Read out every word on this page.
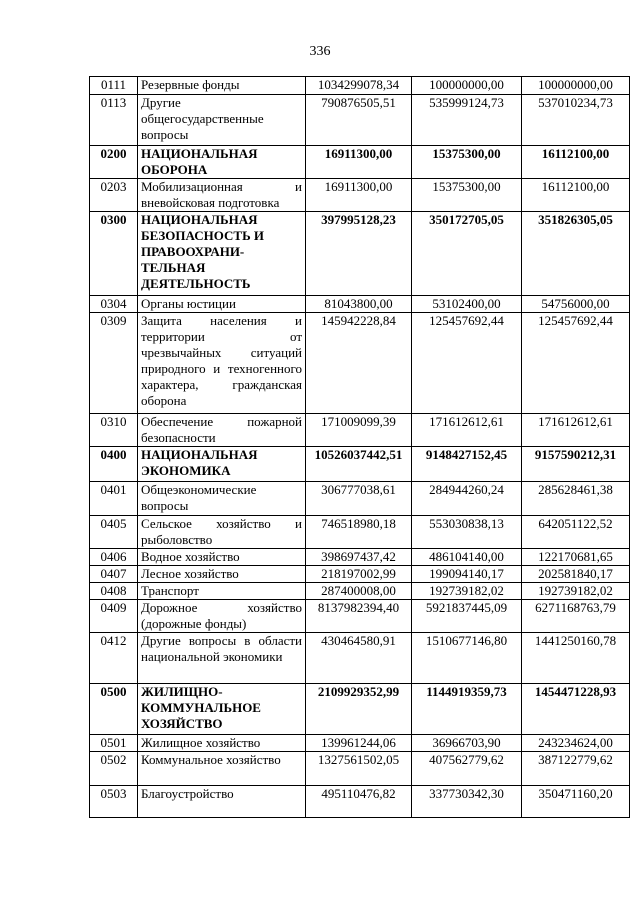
336
0111	Резервные фонды	1034299078,34	100000000,00	100000000,00
0113	Другие общегосударственные вопросы	790876505,51	535999124,73	537010234,73
0200	НАЦИОНАЛЬНАЯ ОБОРОНА	16911300,00	15375300,00	16112100,00
0203	Мобилизационная и вневойсковая подготовка	16911300,00	15375300,00	16112100,00
0300	НАЦИОНАЛЬНАЯ БЕЗОПАСНОСТЬ И ПРАВООХРАНИ-ТЕЛЬНАЯ ДЕЯТЕЛЬНОСТЬ	397995128,23	350172705,05	351826305,05
0304	Органы юстиции	81043800,00	53102400,00	54756000,00
0309	Защита населения и территории от чрезвычайных ситуаций природного и техногенного характера, гражданская оборона	145942228,84	125457692,44	125457692,44
0310	Обеспечение пожарной безопасности	171009099,39	171612612,61	171612612,61
0400	НАЦИОНАЛЬНАЯ ЭКОНОМИКА	10526037442,51	9148427152,45	9157590212,31
0401	Общеэкономические вопросы	306777038,61	284944260,24	285628461,38
0405	Сельское хозяйство и рыболовство	746518980,18	553030838,13	642051122,52
0406	Водное хозяйство	398697437,42	486104140,00	122170681,65
0407	Лесное хозяйство	218197002,99	199094140,17	202581840,17
0408	Транспорт	287400008,00	192739182,02	192739182,02
0409	Дорожное хозяйство (дорожные фонды)	8137982394,40	5921837445,09	6271168763,79
0412	Другие вопросы в области национальной экономики	430464580,91	1510677146,80	1441250160,78
0500	ЖИЛИЩНО-КОММУНАЛЬНОЕ ХОЗЯЙСТВО	2109929352,99	1144919359,73	1454471228,93
0501	Жилищное хозяйство	139961244,06	36966703,90	243234624,00
0502	Коммунальное хозяйство	1327561502,05	407562779,62	387122779,62
0503	Благоустройство	495110476,82	337730342,30	350471160,20
